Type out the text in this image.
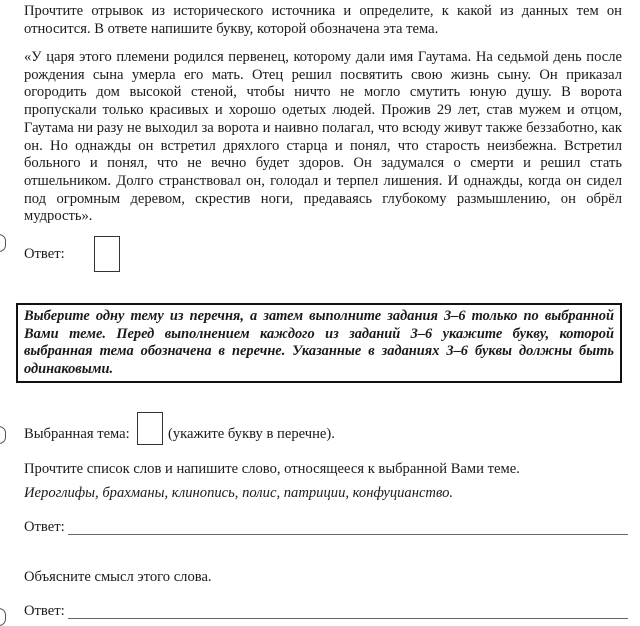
Прочтите отрывок из исторического источника и определите, к какой из данных тем он относится. В ответе напишите букву, которой обозначена эта тема.
«У царя этого племени родился первенец, которому дали имя Гаутама. На седьмой день после рождения сына умерла его мать. Отец решил посвятить свою жизнь сыну. Он приказал огородить дом высокой стеной, чтобы ничто не могло смутить юную душу. В ворота пропускали только красивых и хорошо одетых людей. Прожив 29 лет, став мужем и отцом, Гаутама ни разу не выходил за ворота и наивно полагал, что всюду живут также беззаботно, как он. Но однажды он встретил дряхлого старца и понял, что старость неизбежна. Встретил больного и понял, что не вечно будет здоров. Он задумался о смерти и решил стать отшельником. Долго странствовал он, голодал и терпел лишения. И однажды, когда он сидел под огромным деревом, скрестив ноги, предаваясь глубокому размышлению, он обрёл мудрость».
Ответ:
Выберите одну тему из перечня, а затем выполните задания 3–6 только по выбранной Вами теме. Перед выполнением каждого из заданий 3–6 укажите букву, которой выбранная тема обозначена в перечне. Указанные в заданиях 3–6 буквы должны быть одинаковыми.
Выбранная тема:	(укажите букву в перечне).
Прочтите список слов и напишите слово, относящееся к выбранной Вами теме.
Иероглифы, брахманы, клинопись, полис, патриции, конфуцианство.
Ответ:
Объясните смысл этого слова.
Ответ:
